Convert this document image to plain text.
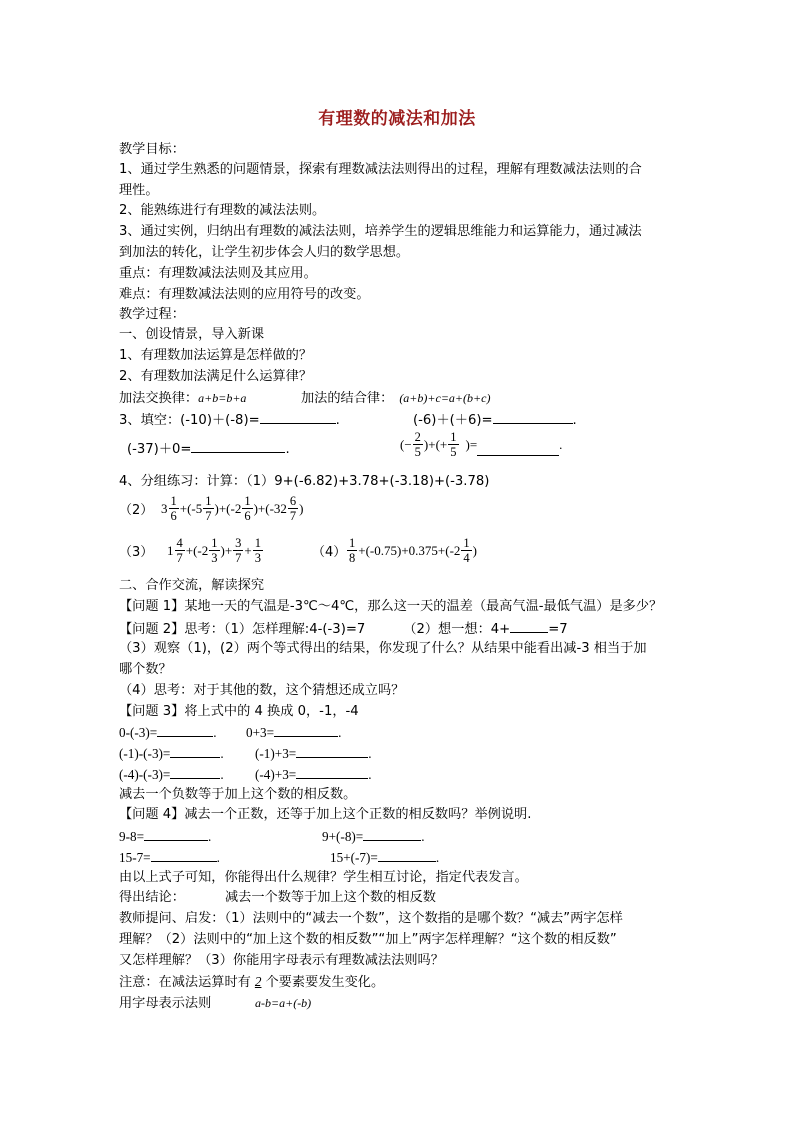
有理数的减法和加法
教学目标：
1、通过学生熟悉的问题情景，探索有理数减法法则得出的过程，理解有理数减法法则的合
理性。
2、能熟练进行有理数的减法法则。
3、通过实例，归纳出有理数的减法法则，培养学生的逻辑思维能力和运算能力，通过减法
到加法的转化，让学生初步体会人归的数学思想。
重点：有理数减法法则及其应用。
难点：有理数减法法则的应用符号的改变。
教学过程：
一、创设情景，导入新课
1、有理数加法运算是怎样做的？
2、有理数加法满足什么运算律？
加法交换律：a+b=b+a	加法的结合律： (a+b)+c=a+(b+c)
3、填空：(-10)＋(-8)=	.	(-6)＋(＋6)=	.
(-37)＋0=	.	(− $\frac{2}{5}$ )+(+ $\frac{1}{5}$ )=	.
4、分组练习：计算：（1）9+(-6.82)+3.78+(-3.18)+(-3.78)
（2） $3 \frac{1}{6}$ +(- $5 \frac{1}{7}$ )+(- $2 \frac{1}{6}$ )+(- $32 \frac{6}{7}$ )
（3）	$1 \frac{4}{7}$ +(- $2 \frac{1}{3}$ )+ $\frac{3}{7} + \frac{1}{3}$	$(4) \frac{1}{8} +(-0.75)+0.375+(-2 \frac{1}{4}$ )
二、合作交流，解读探究
【问题 1】某地一天的气温是-3℃～4℃，那么这一天的温差（最高气温-最低气温）是多少？
【问题 2】思考：（1）怎样理解:4-(-3)=7	（2）想一想：4+	=7
（3）观察（1)，(2）两个等式得出的结果，你发现了什么？从结果中能看出减-3 相当于加
哪个数？
（4）思考：对于其他的数，这个猜想还成立吗？
【问题 3】将上式中的 4 换成 0，-1，-4
0-(-3)=	. 0+3=	.
(-1)-(-3)=	. (-1)+3=	.
(-4)-(-3)=	. (-4)+3=	.
减去一个负数等于加上这个数的相反数。
【问题 4】减去一个正数，还等于加上这个正数的相反数吗？举例说明.
9-8=	.	9+(-8)=	.
15-7=	.	15+(-7)=	.
由以上式子可知，你能得出什么规律？学生相互讨论，指定代表发言。
得出结论：	减去一个数等于加上这个数的相反数
教师提问、启发：（1）法则中的“减去一个数”，这个数指的是哪个数？“减去”两字怎样
理解？（2）法则中的“加上这个数的相反数”“加上”两字怎样理解？“这个数的相反数”
又怎样理解？（3）你能用字母表示有理数减法法则吗？
注意：在减法运算时有 2 个要素要发生变化。
用字母表示法则	a-b=a+(-b)
